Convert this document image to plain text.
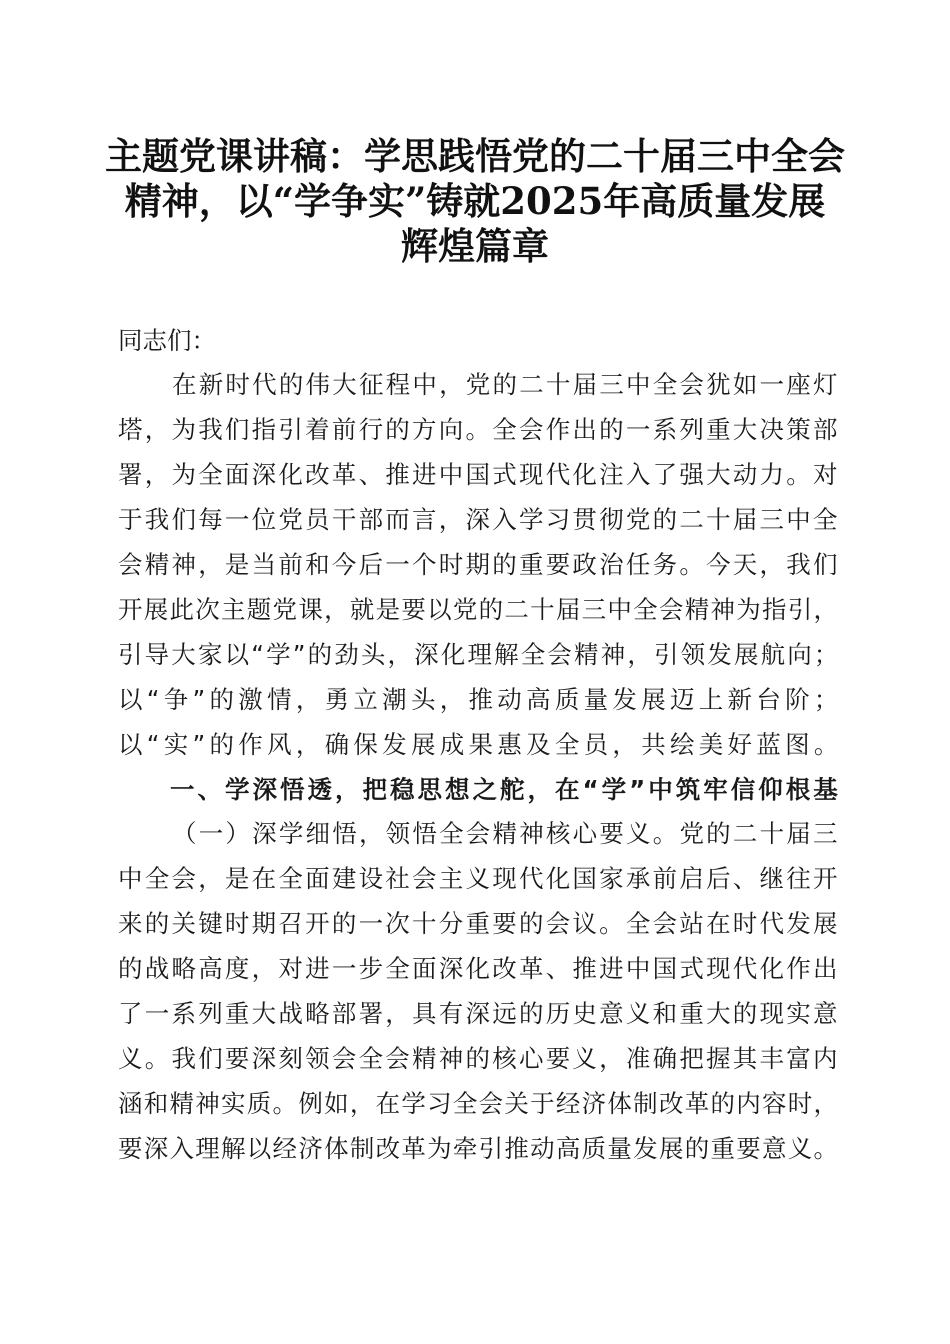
主题党课讲稿：学思践悟党的二十届三中全会
精神，以“学争实”铸就2025年高质量发展
辉煌篇章
同志们：
在新时代的伟大征程中，党的二十届三中全会犹如一座灯
塔，为我们指引着前行的方向。全会作出的一系列重大决策部
署，为全面深化改革、推进中国式现代化注入了强大动力。对
于我们每一位党员干部而言，深入学习贯彻党的二十届三中全
会精神，是当前和今后一个时期的重要政治任务。今天，我们
开展此次主题党课，就是要以党的二十届三中全会精神为指引，
引导大家以“学”的劲头，深化理解全会精神，引领发展航向；
以“争”的激情，勇立潮头，推动高质量发展迈上新台阶；
以“实”的作风，确保发展成果惠及全员，共绘美好蓝图。
一、学深悟透，把稳思想之舵，在“学”中筑牢信仰根基
（一）深学细悟，领悟全会精神核心要义。党的二十届三
中全会，是在全面建设社会主义现代化国家承前启后、继往开
来的关键时期召开的一次十分重要的会议。全会站在时代发展
的战略高度，对进一步全面深化改革、推进中国式现代化作出
了一系列重大战略部署，具有深远的历史意义和重大的现实意
义。我们要深刻领会全会精神的核心要义，准确把握其丰富内
涵和精神实质。例如，在学习全会关于经济体制改革的内容时，
要深入理解以经济体制改革为牵引推动高质量发展的重要意义。
